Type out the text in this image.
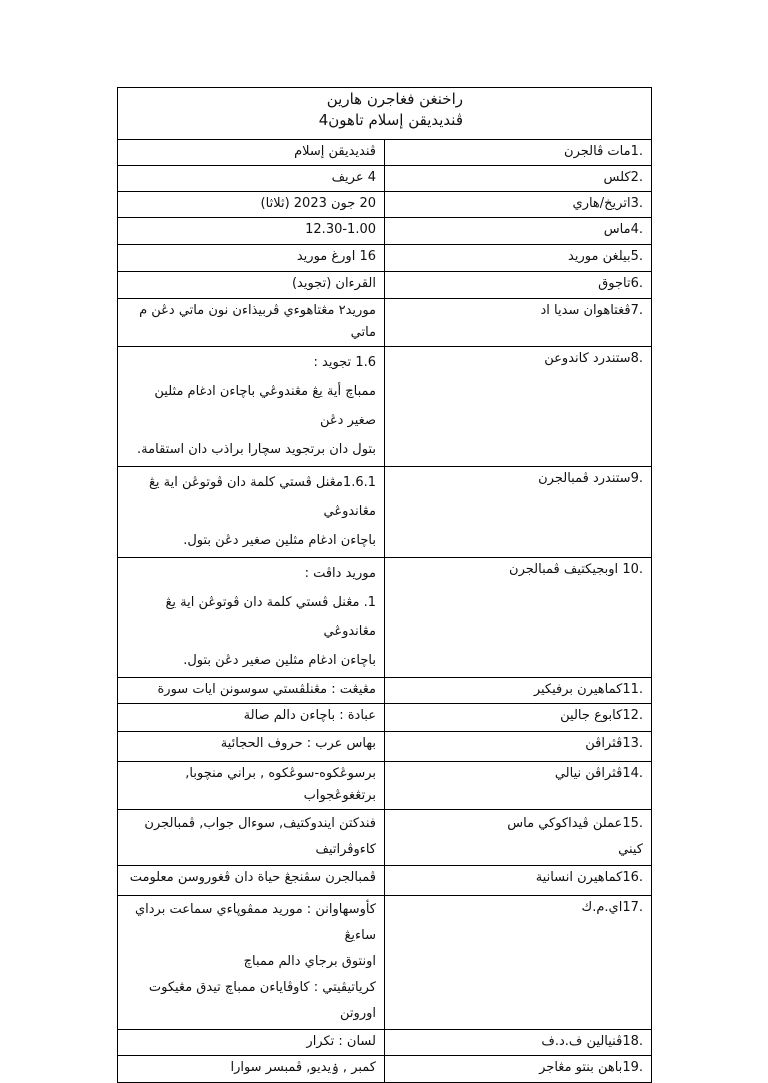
راخنغن فغاجرن هارين
ڤنديديقن إسلام تاهون4	

.1مات ڤالجرن	ڤنديديقن إسلام
.2كلس	4 عريف
.3اتريخ/هاري	20 جون 2023 (ثلاثا)
.4ماس	12.30-1.00
.5بيلغن موريد	16 اورغ موريد
.6تاجوق	القرءان (تجويد)
.7ڤغتاهوان سديا اد	موريد٢ مڠتاهوءي ڤربيذاءن نون ماتي دڠن م ماتي
.8ستندرد كاندوعن	1.6 تجويد :
ممباچ أية يڠ مڠندوڠي باچاءن ادغام مثلين صغير دڠن
بتول دان برتجويد سچارا براذب دان استقامة.

.9ستندرد ڤمبالجرن	1.6.1مڠنل ڤستي كلمة دان ڤوتوڠن اية يڠ مڠاندوڠي
باچاءن ادغام مثلين صغير دڠن بتول.

.10 اوبجيكتيف ڤمبالجرن	موريد داڤت :
1. مڠنل ڤستي كلمة دان ڤوتوڠن اية يڠ مڠاندوڠي
باچاءن ادغام مثلين صغير دڠن بتول.

.11كماهيرن برفيكير	مڠيڠت : مڠنلڤستي سوسونن ايات سورة
.12كابوع جالين	عبادة : باچاءن دالم صالة
.13ڤثراڤن	بهاس عرب : حروف الحجائية
.14ڤثراڤن نيالي	برسوڠكوه-سوڠكوه , براني منچوبا, برتڠغوڠجواب

.15عملن ڤيداكوكي ماس
كيني	فندكتن ايندوكتيف, سوءال جواب, ڤمبالجرن
كاءوڤراتيف

.16كماهيرن انسانية	ڤمبالجرن سڤنجڠ حياة دان ڤغوروسن معلومت
.17اي.م.ك	كأوسهاوانن : موريد ممڤوڽاءي سماعت برداي ساءيڠ
اونتوق برجاي دالم ممباچ
كرياتيڤيتي : كاوڤاياءن ممباچ تيدق مڠيكوت اوروتن

.18ڤنيالين ف.د.ف	لسان : تكرار
.19باهن بنتو مڠاجر	كمبر , ۏيديو, ڤمبسر سوارا
